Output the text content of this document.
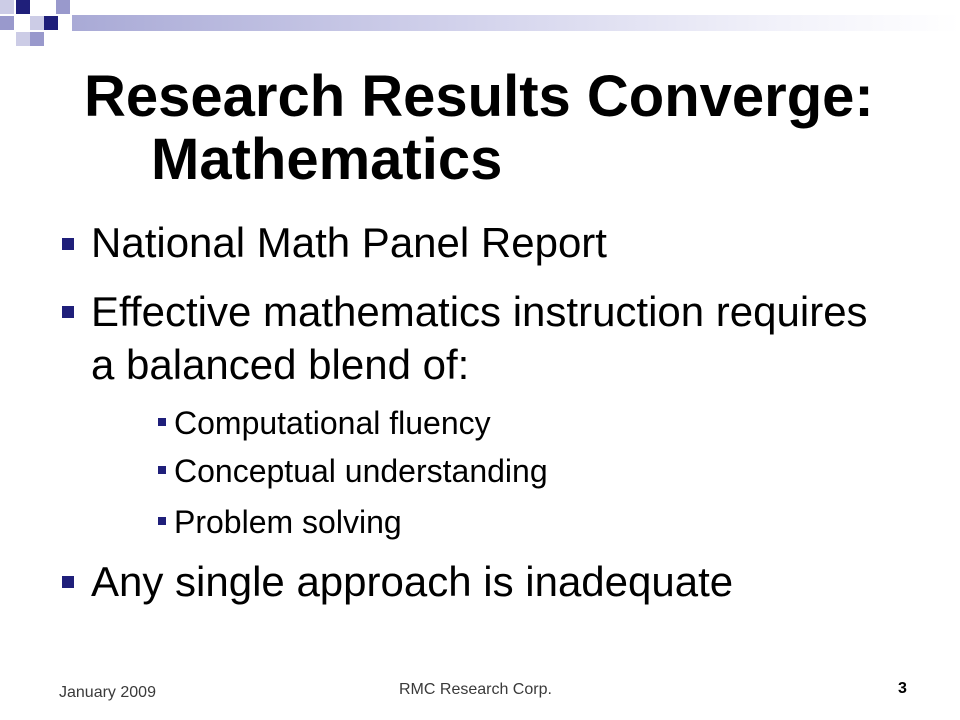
Research Results Converge:
Mathematics
National Math Panel Report
Effective mathematics instruction requires
a balanced blend of:
Computational fluency
Conceptual understanding
Problem solving
Any single approach is inadequate
January 2009	RMC Research Corp.	3
